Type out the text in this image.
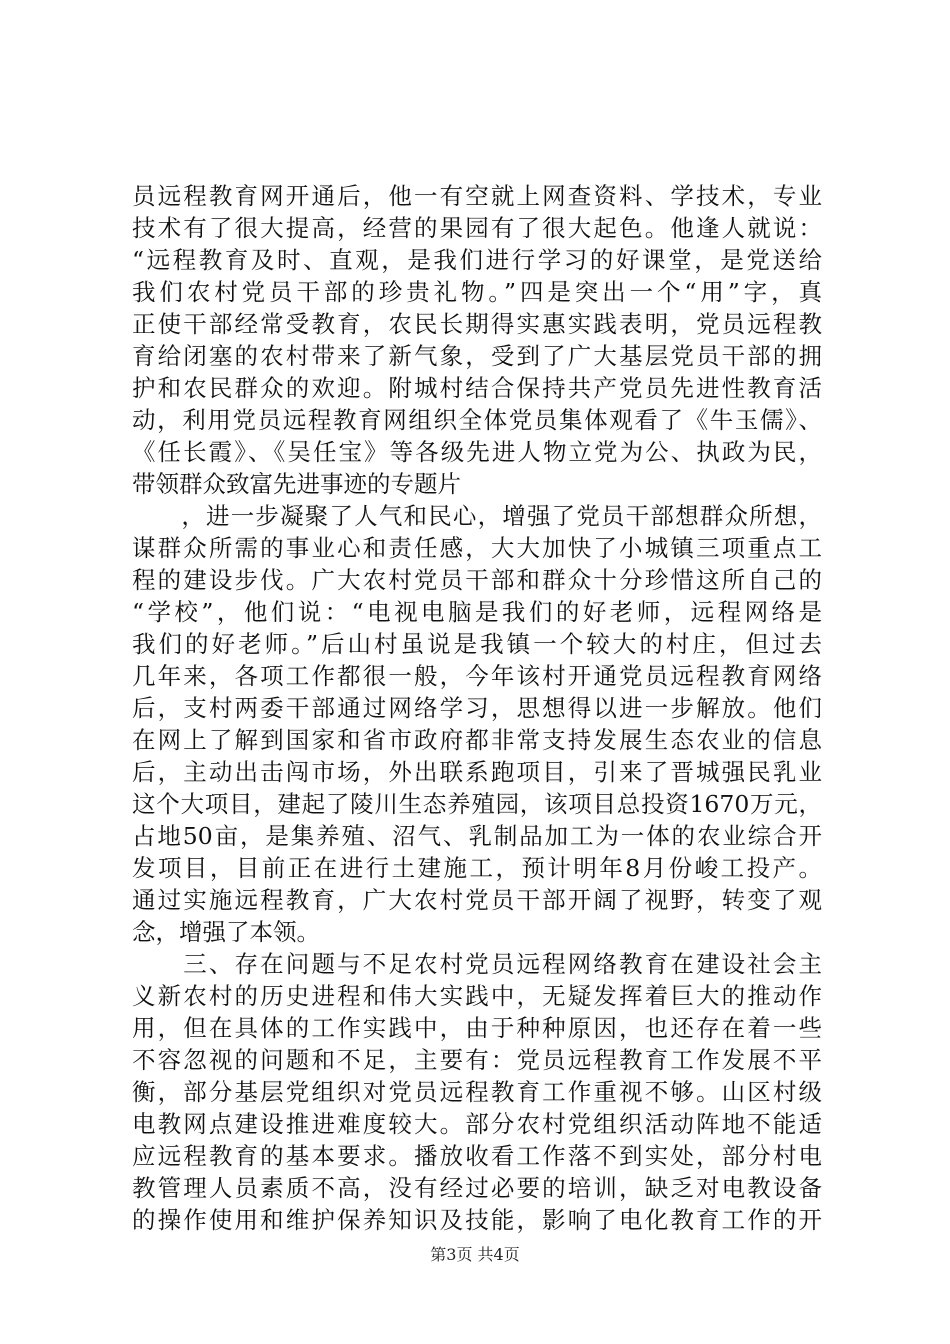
员远程教育网开通后，他一有空就上网查资料、学技术，专业
技术有了很大提高，经营的果园有了很大起色。他逢人就说：
“远程教育及时、直观，是我们进行学习的好课堂，是党送给
我们农村党员干部的珍贵礼物。”四是突出一个“用”字，真
正使干部经常受教育，农民长期得实惠实践表明，党员远程教
育给闭塞的农村带来了新气象，受到了广大基层党员干部的拥
护和农民群众的欢迎。附城村结合保持共产党员先进性教育活
动，利用党员远程教育网组织全体党员集体观看了《牛玉儒》、
《任长霞》、《吴任宝》等各级先进人物立党为公、执政为民，
带领群众致富先进事迹的专题片
　　，进一步凝聚了人气和民心，增强了党员干部想群众所想，
谋群众所需的事业心和责任感，大大加快了小城镇三项重点工
程的建设步伐。广大农村党员干部和群众十分珍惜这所自己的
“学校”，他们说：“电视电脑是我们的好老师，远程网络是
我们的好老师。”后山村虽说是我镇一个较大的村庄，但过去
几年来，各项工作都很一般，今年该村开通党员远程教育网络
后，支村两委干部通过网络学习，思想得以进一步解放。他们
在网上了解到国家和省市政府都非常支持发展生态农业的信息
后，主动出击闯市场，外出联系跑项目，引来了晋城强民乳业
这个大项目，建起了陵川生态养殖园，该项目总投资1670万元，
占地50亩，是集养殖、沼气、乳制品加工为一体的农业综合开
发项目，目前正在进行土建施工，预计明年8月份峻工投产。
通过实施远程教育，广大农村党员干部开阔了视野，转变了观
念，增强了本领。
　　三、存在问题与不足农村党员远程网络教育在建设社会主
义新农村的历史进程和伟大实践中，无疑发挥着巨大的推动作
用，但在具体的工作实践中，由于种种原因，也还存在着一些
不容忽视的问题和不足，主要有：党员远程教育工作发展不平
衡，部分基层党组织对党员远程教育工作重视不够。山区村级
电教网点建设推进难度较大。部分农村党组织活动阵地不能适
应远程教育的基本要求。播放收看工作落不到实处，部分村电
教管理人员素质不高，没有经过必要的培训，缺乏对电教设备
的操作使用和维护保养知识及技能，影响了电化教育工作的开
第3页 共4页
